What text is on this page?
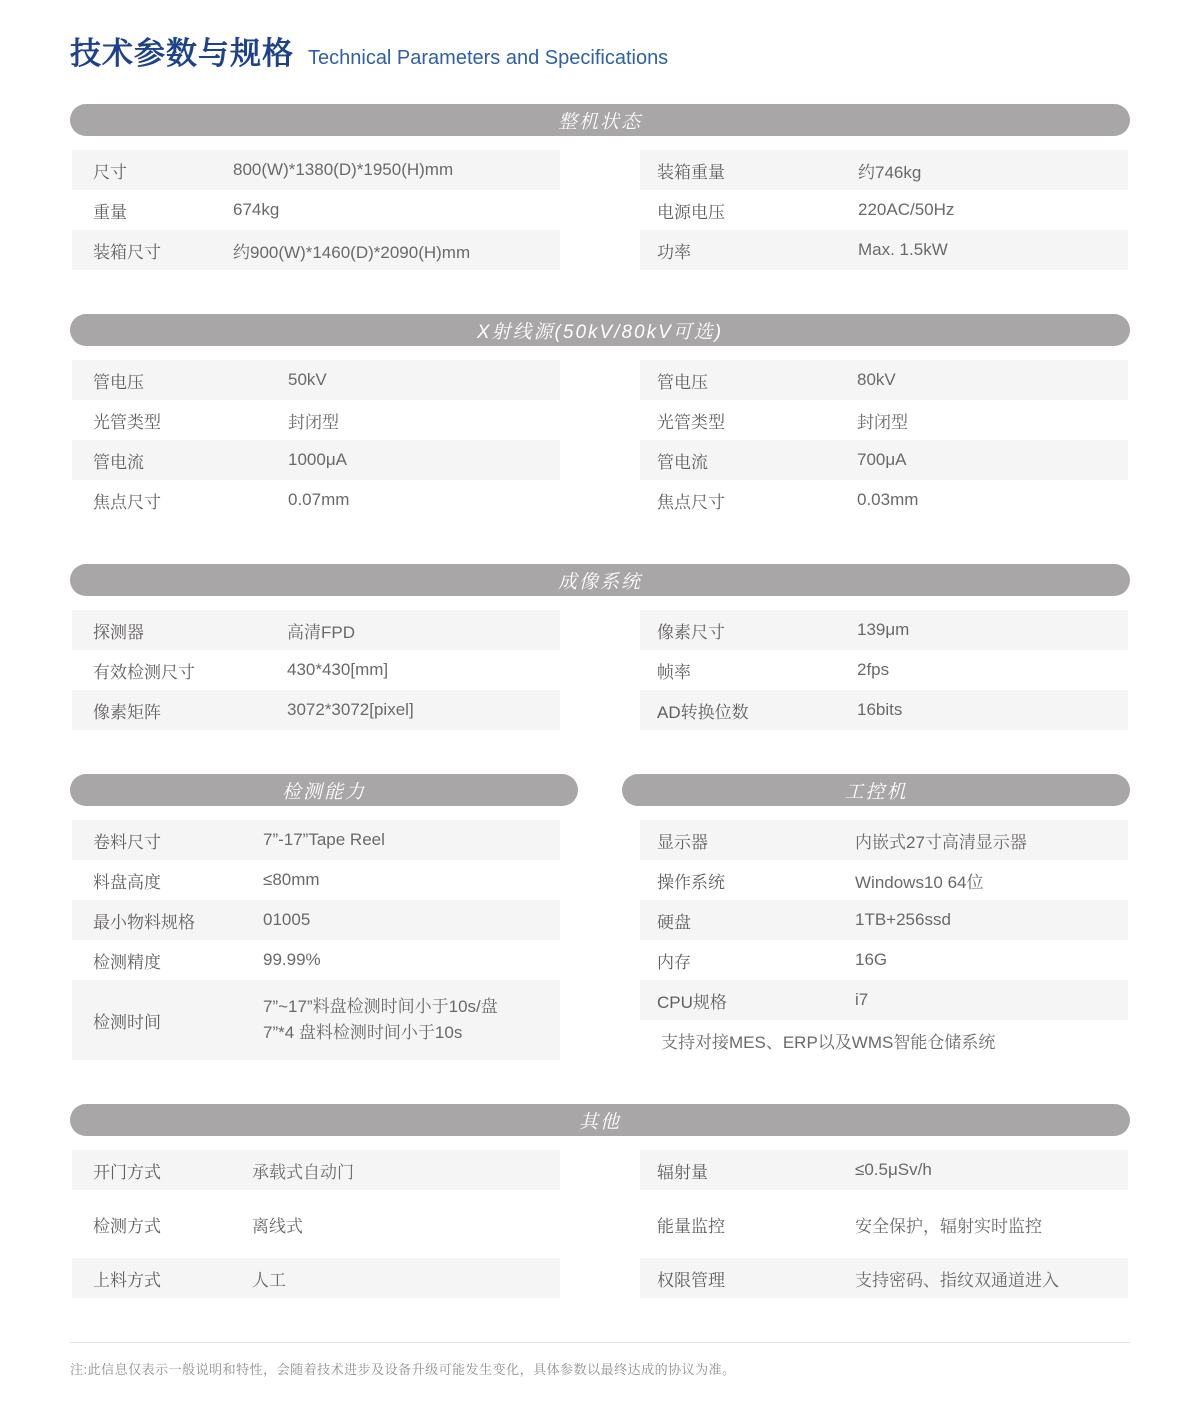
技术参数与规格 Technical Parameters and Specifications
整机状态
尺寸	800(W)*1380(D)*1950(H)mm
重量	674kg
装箱尺寸	约900(W)*1460(D)*2090(H)mm
装箱重量	约746kg
电源电压	220AC/50Hz
功率	Max. 1.5kW
X射线源(50kV/80kV可选)
管电压	50kV
光管类型	封闭型
管电流	1000μA
焦点尺寸	0.07mm
管电压	80kV
光管类型	封闭型
管电流	700μA
焦点尺寸	0.03mm
成像系统
探测器	高清FPD
有效检测尺寸	430*430[mm]
像素矩阵	3072*3072[pixel]
像素尺寸	139μm
帧率	2fps
AD转换位数	16bits
检测能力	工控机
卷料尺寸	7”-17”Tape Reel
料盘高度	≤80mm
最小物料规格	01005
检测精度	99.99%
检测时间
7”~17”料盘检测时间小于10s/盘
7”*4 盘料检测时间小于10s
显示器	内嵌式27寸高清显示器
操作系统	Windows10 64位
硬盘	1TB+256ssd
内存	16G
CPU规格	i7
支持对接MES、ERP以及WMS智能仓储系统
其他
开门方式	承载式自动门
检测方式	离线式
上料方式	人工
辐射量	≤0.5μSv/h
能量监控	安全保护，辐射实时监控
权限管理	支持密码、指纹双通道进入

注:此信息仅表示一般说明和特性，会随着技术进步及设备升级可能发生变化，具体参数以最终达成的协议为准。
